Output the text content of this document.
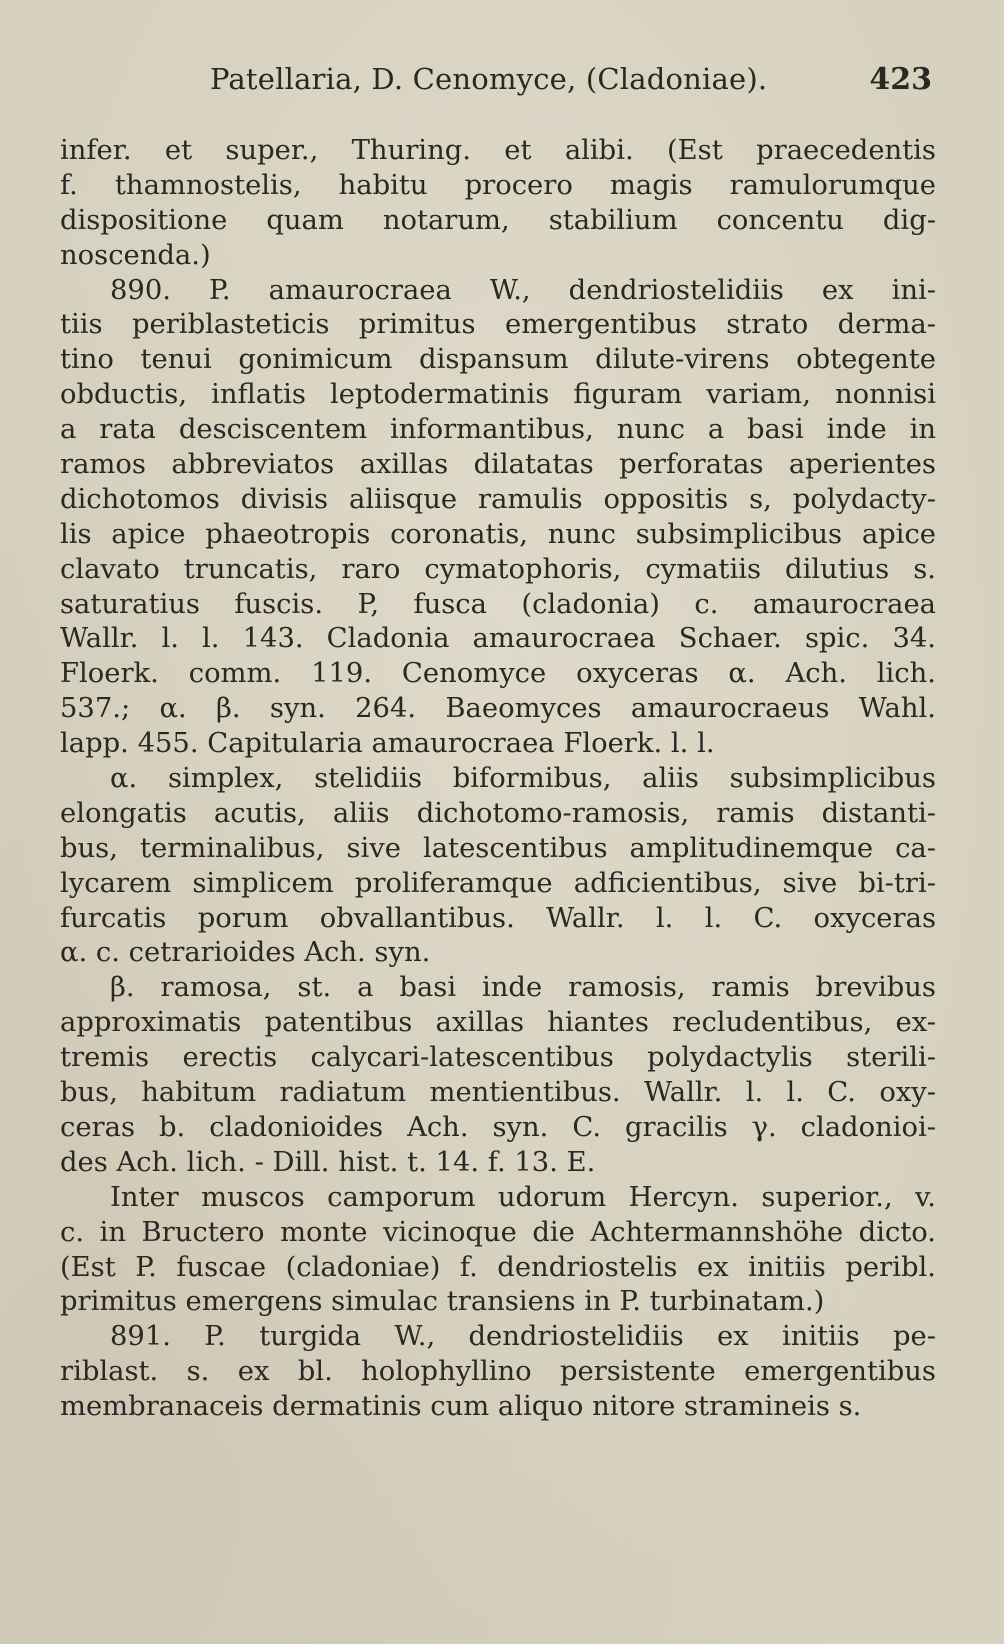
Patellaria, D. Cenomyce, (Cladoniae).	423
infer. et super., Thuring. et alibi. (Est praecedentis
f. thamnostelis, habitu procero magis ramulorumque
dispositione quam notarum, stabilium concentu dig-
noscenda.)
890. P. amaurocraea W., dendriostelidiis ex ini-
tiis periblasteticis primitus emergentibus strato derma-
tino tenui gonimicum dispansum dilute-virens obtegente
obductis, inflatis leptodermatinis figuram variam, nonnisi
a rata desciscentem informantibus, nunc a basi inde in
ramos abbreviatos axillas dilatatas perforatas aperientes
dichotomos divisis aliisque ramulis oppositis s, polydacty-
lis apice phaeotropis coronatis, nunc subsimplicibus apice
clavato truncatis, raro cymatophoris, cymatiis dilutius s.
saturatius fuscis. P, fusca (cladonia) c. amaurocraea
Wallr. l. l. 143. Cladonia amaurocraea Schaer. spic. 34.
Floerk. comm. 119. Cenomyce oxyceras α. Ach. lich.
537.; α. β. syn. 264. Baeomyces amaurocraeus Wahl.
lapp. 455. Capitularia amaurocraea Floerk. l. l.
α. simplex, stelidiis biformibus, aliis subsimplicibus
elongatis acutis, aliis dichotomo-ramosis, ramis distanti-
bus, terminalibus, sive latescentibus amplitudinemque ca-
lycarem simplicem proliferamque adficientibus, sive bi-tri-
furcatis porum obvallantibus. Wallr. l. l. C. oxyceras
α. c. cetrarioides Ach. syn.
β. ramosa, st. a basi inde ramosis, ramis brevibus
approximatis patentibus axillas hiantes recludentibus, ex-
tremis erectis calycari-latescentibus polydactylis sterili-
bus, habitum radiatum mentientibus. Wallr. l. l. C. oxy-
ceras b. cladonioides Ach. syn. C. gracilis γ. cladonioi-
des Ach. lich. - Dill. hist. t. 14. f. 13. E.
Inter muscos camporum udorum Hercyn. superior., v.
c. in Bructero monte vicinoque die Achtermannshöhe dicto.
(Est P. fuscae (cladoniae) f. dendriostelis ex initiis peribl.
primitus emergens simulac transiens in P. turbinatam.)
891. P. turgida W., dendriostelidiis ex initiis pe-
riblast. s. ex bl. holophyllino persistente emergentibus
membranaceis dermatinis cum aliquo nitore stramineis s.
